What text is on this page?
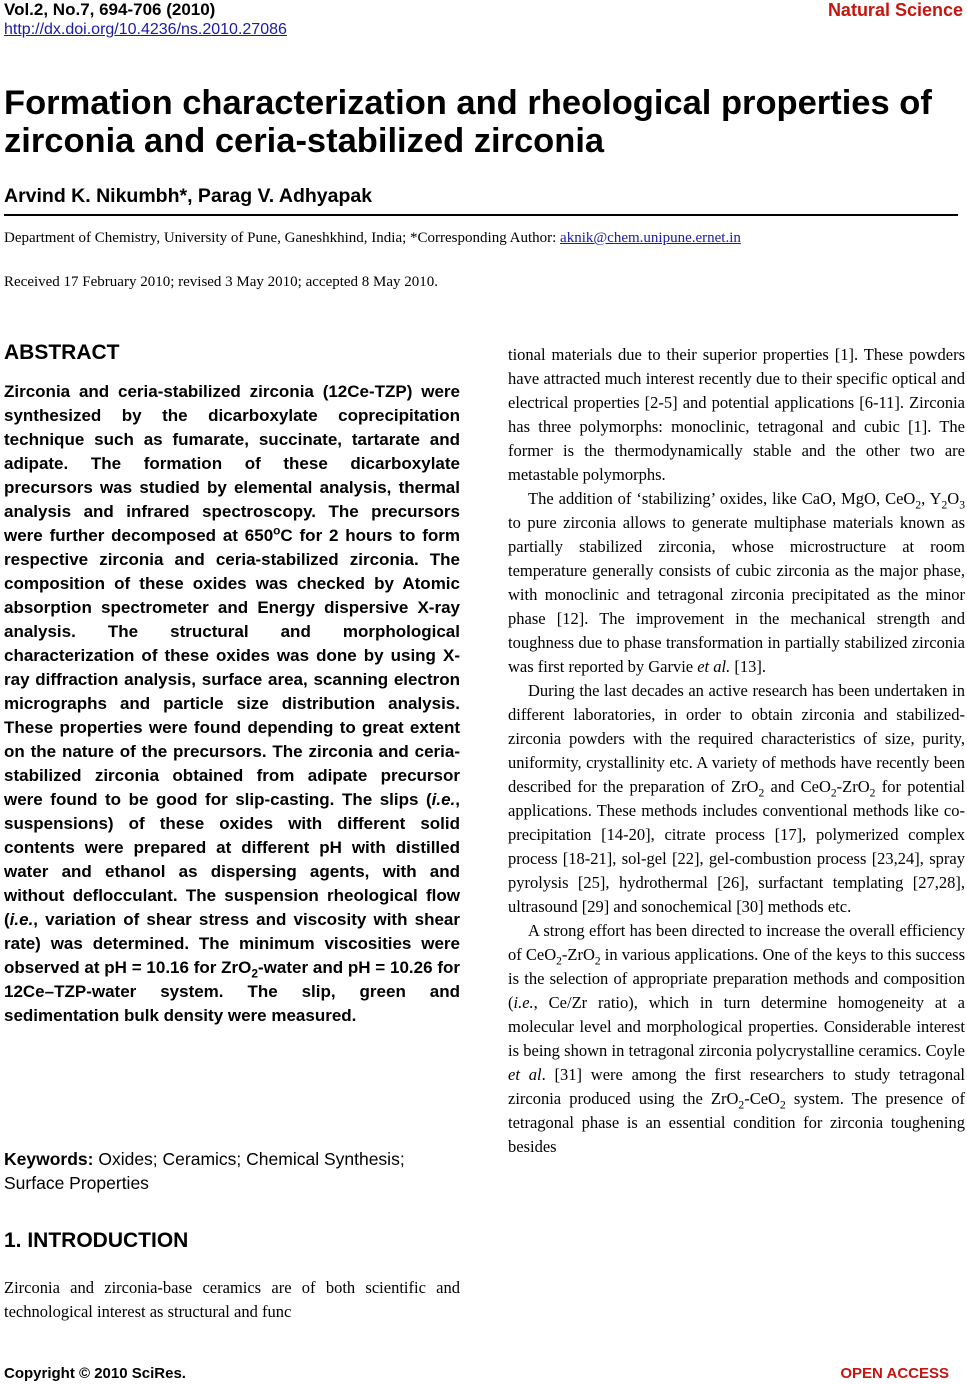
Vol.2, No.7, 694-706 (2010)
http://dx.doi.org/10.4236/ns.2010.27086
Natural Science
Formation characterization and rheological properties of zirconia and ceria-stabilized zirconia
Arvind K. Nikumbh*, Parag V. Adhyapak
Department of Chemistry, University of Pune, Ganeshkhind, India; *Corresponding Author: aknik@chem.unipune.ernet.in
Received 17 February 2010; revised 3 May 2010; accepted 8 May 2010.
ABSTRACT
Zirconia and ceria-stabilized zirconia (12Ce-TZP) were synthesized by the dicarboxylate coprecipitation technique such as fumarate, succinate, tartarate and adipate. The formation of these dicarboxylate precursors was studied by elemental analysis, thermal analysis and infrared spectroscopy. The precursors were further decomposed at 650$^o$C for 2 hours to form respective zirconia and ceria-stabilized zirconia. The composition of these oxides was checked by Atomic absorption spectrometer and Energy dispersive X-ray analysis. The structural and morphological characterization of these oxides was done by using X-ray diffraction analysis, surface area, scanning electron micrographs and particle size distribution analysis. These properties were found depending to great extent on the nature of the precursors. The zirconia and ceria-stabilized zirconia obtained from adipate precursor were found to be good for slip-casting. The slips (i.e., suspensions) of these oxides with different solid contents were prepared at different pH with distilled water and ethanol as dispersing agents, with and without deflocculant. The suspension rheological flow (i.e., variation of shear stress and viscosity with shear rate) was determined. The minimum viscosities were observed at pH = 10.16 for ZrO$_2$-water and pH = 10.26 for 12Ce–TZP-water system. The slip, green and sedimentation bulk density were measured.
Keywords: Oxides; Ceramics; Chemical Synthesis; Surface Properties
1. INTRODUCTION
Zirconia and zirconia-base ceramics are of both scientific and technological interest as structural and func

tional materials due to their superior properties [1]. These powders have attracted much interest recently due to their specific optical and electrical properties [2-5] and potential applications [6-11]. Zirconia has three polymorphs: monoclinic, tetragonal and cubic [1]. The former is the thermodynamically stable and the other two are metastable polymorphs.

The addition of ‘stabilizing’ oxides, like CaO, MgO, CeO$_2$, $Y_2O_3$ to pure zirconia allows to generate multiphase materials known as partially stabilized zirconia, whose microstructure at room temperature generally consists of cubic zirconia as the major phase, with monoclinic and tetragonal zirconia precipitated as the minor phase [12]. The improvement in the mechanical strength and toughness due to phase transformation in partially stabilized zirconia was first reported by Garvie et al. [13].

During the last decades an active research has been undertaken in different laboratories, in order to obtain zirconia and stabilized-zirconia powders with the required characteristics of size, purity, uniformity, crystallinity etc. A variety of methods have recently been described for the preparation of ZrO$_2$ and CeO$_2$-ZrO$_2$ for potential applications. These methods includes conventional methods like co-precipitation [14-20], citrate process [17], polymerized complex process [18-21], sol-gel [22], gel-combustion process [23,24], spray pyrolysis [25], hydrothermal [26], surfactant templating [27,28], ultrasound [29] and sonochemical [30] methods etc.

A strong effort has been directed to increase the overall efficiency of CeO$_2$-ZrO$_2$ in various applications. One of the keys to this success is the selection of appropriate preparation methods and composition (i.e., Ce/Zr ratio), which in turn determine homogeneity at a molecular level and morphological properties. Considerable interest is being shown in tetragonal zirconia polycrystalline ceramics. Coyle et al. [31] were among the first researchers to study tetragonal zirconia produced using the ZrO$_2$-CeO$_2$ system. The presence of tetragonal phase is an essential condition for zirconia toughening besides

Copyright © 2010 SciRes.	OPEN ACCESS
